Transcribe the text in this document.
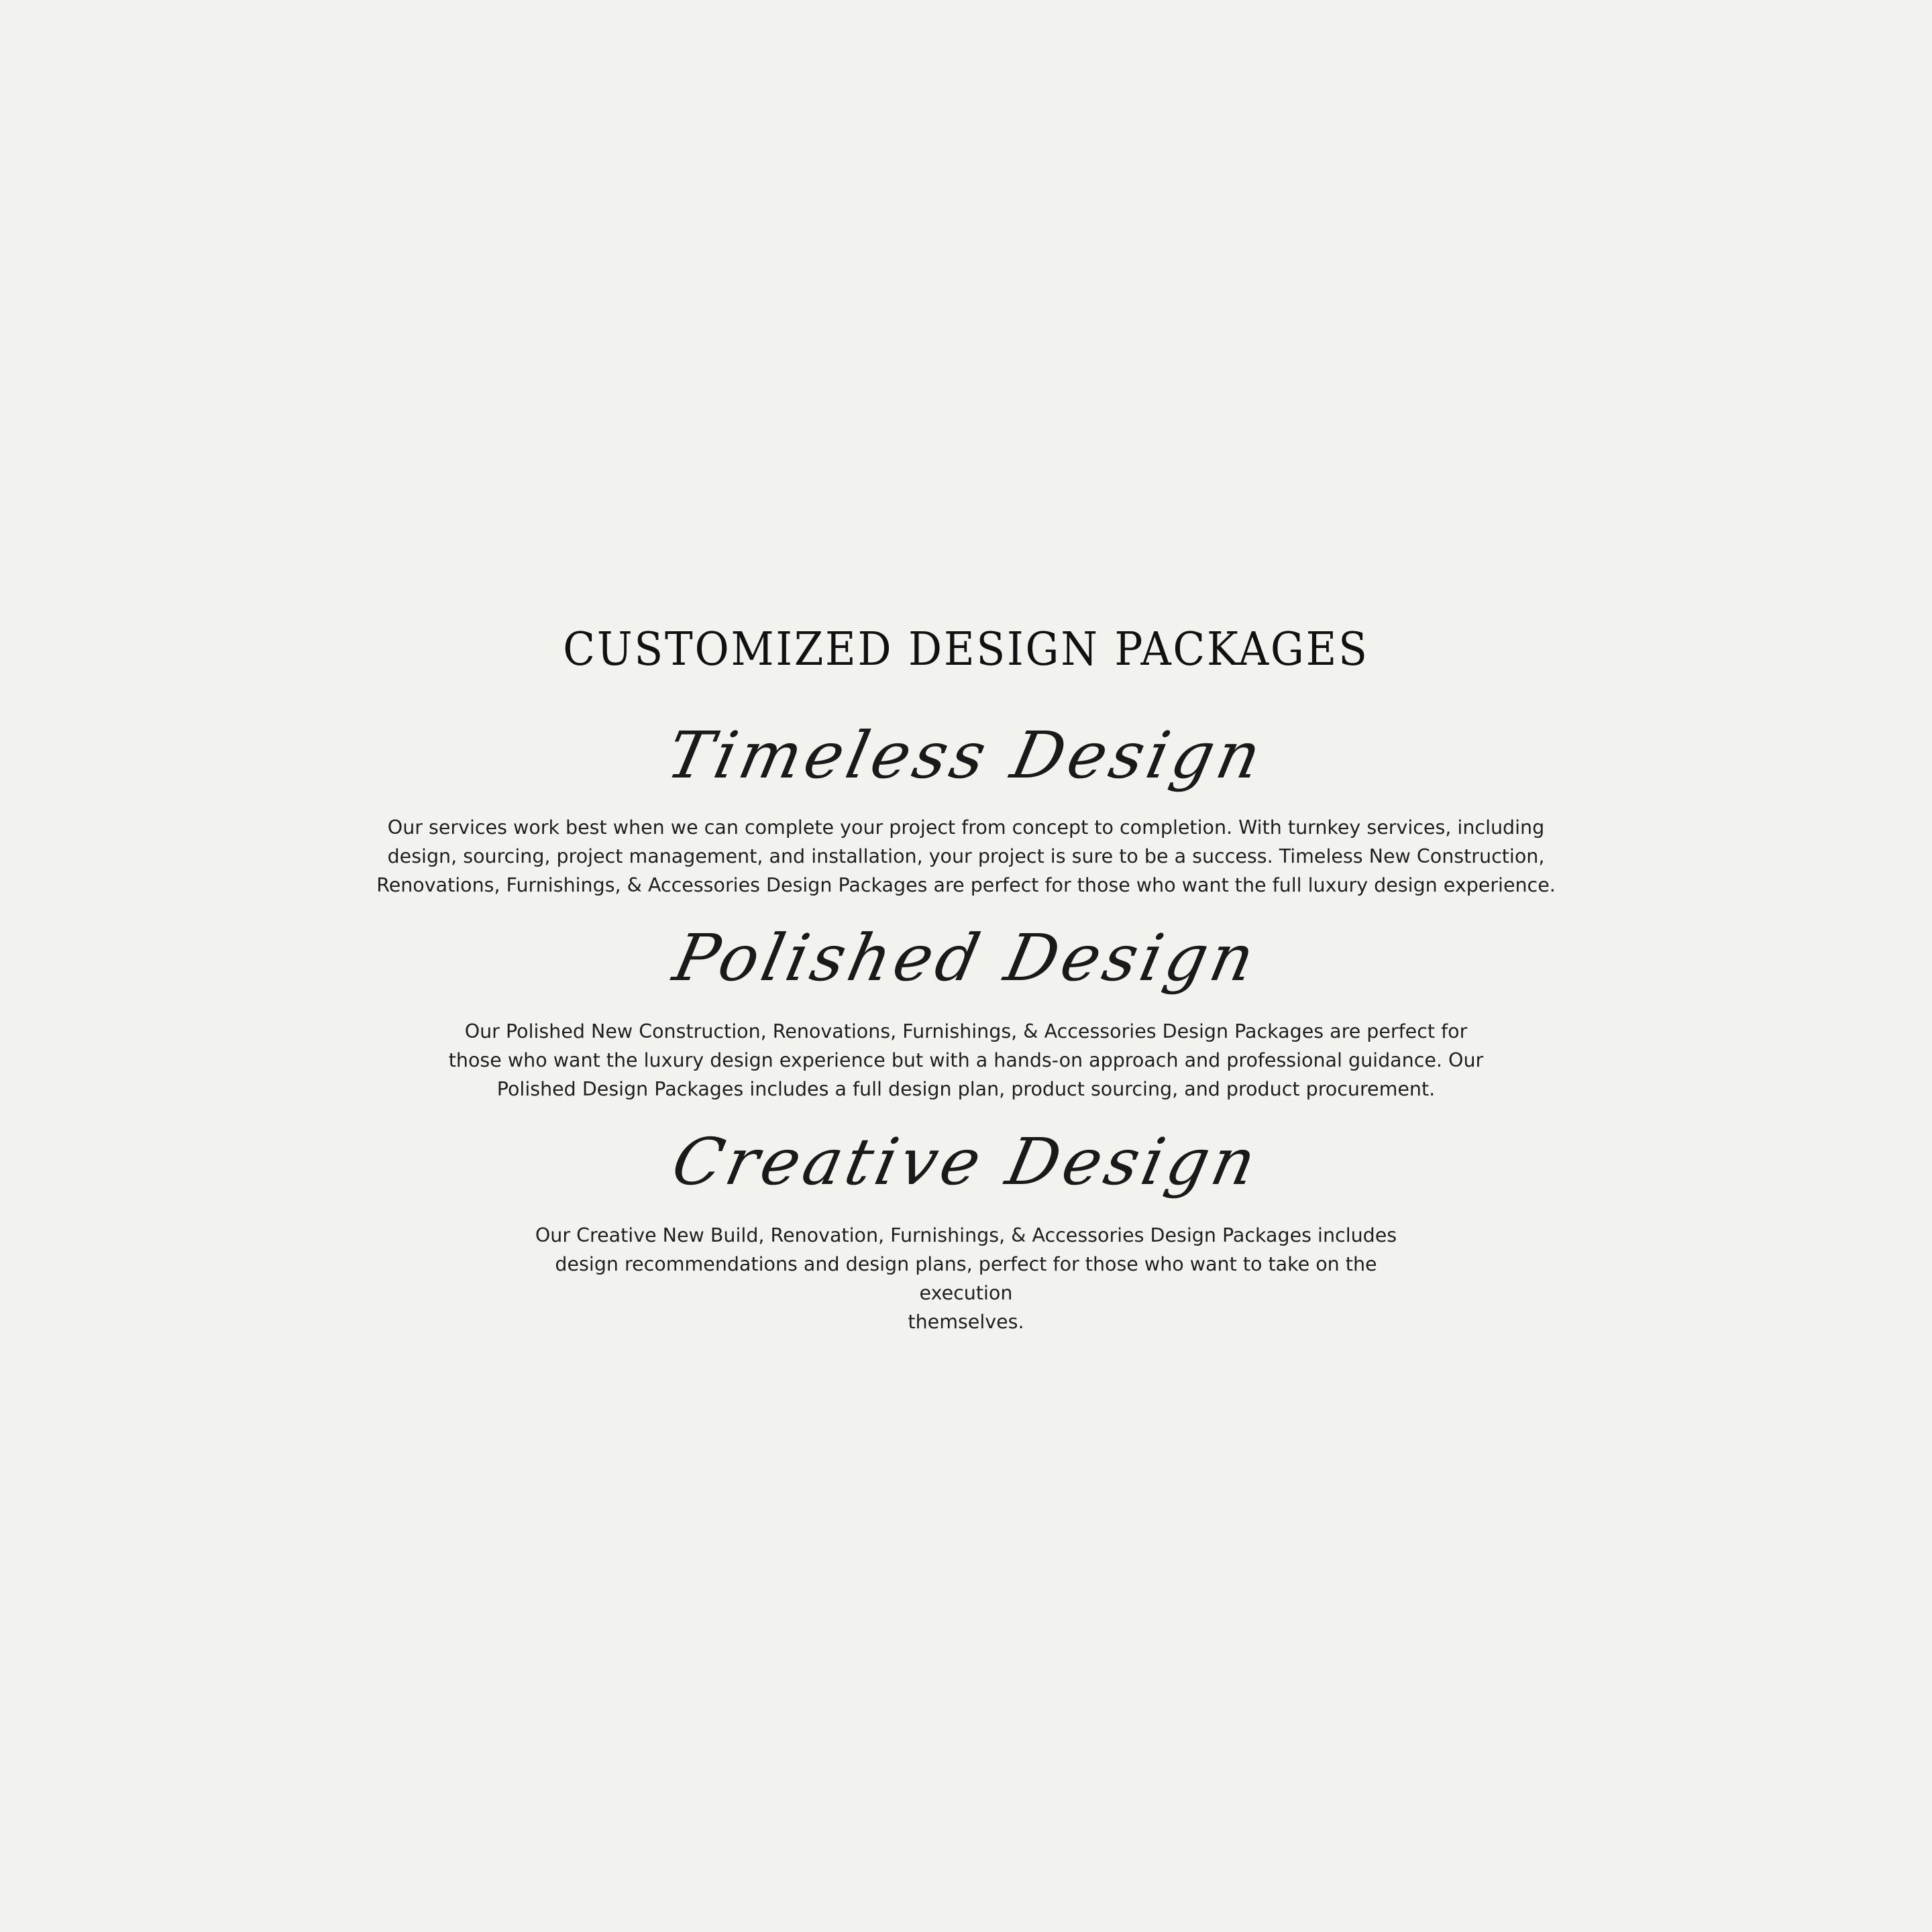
CUSTOMIZED DESIGN PACKAGES
Timeless Design

Our services work best when we can complete your project from concept to completion. With turnkey services, including
design, sourcing, project management, and installation, your project is sure to be a success. Timeless New Construction,
Renovations, Furnishings, & Accessories Design Packages are perfect for those who want the full luxury design experience.

Polished Design

Our Polished New Construction, Renovations, Furnishings, & Accessories Design Packages are perfect for
those who want the luxury design experience but with a hands-on approach and professional guidance. Our
Polished Design Packages includes a full design plan, product sourcing, and product procurement.

Creative Design

Our Creative New Build, Renovation, Furnishings, & Accessories Design Packages includes
design recommendations and design plans, perfect for those who want to take on the execution
themselves.
